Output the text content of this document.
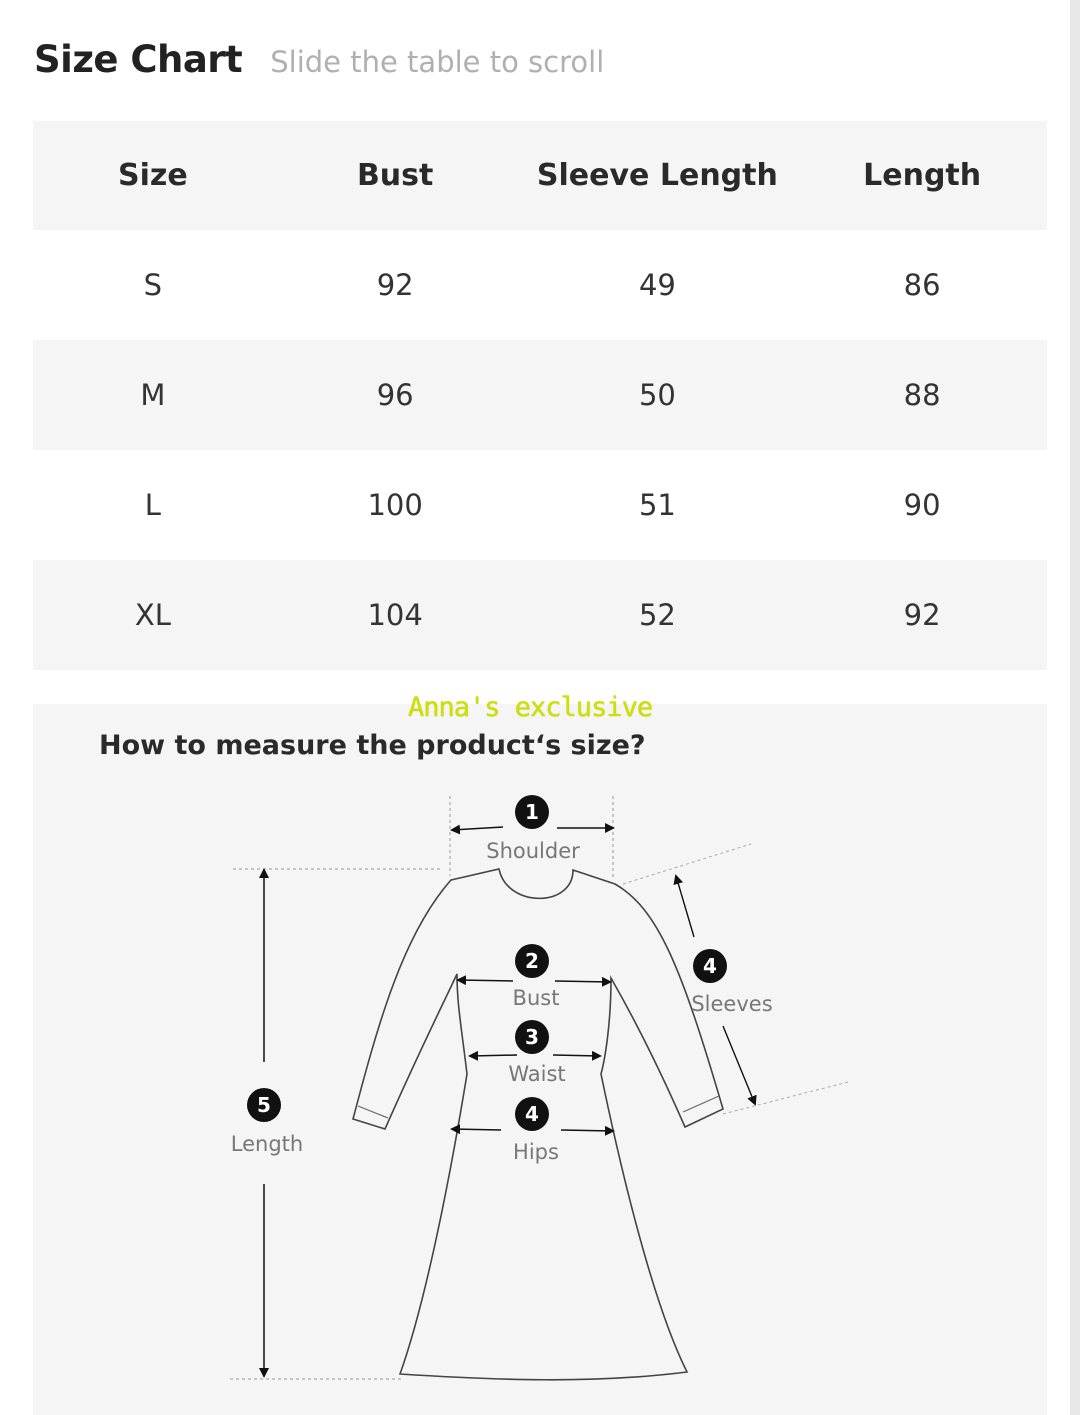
Size Chart Slide the table to scroll
Size	Bust	Sleeve Length	Length
S	92	49	86
M	96	50	88
L	100	51	90
XL	104	52	92
1
Shoulder
2
Bust
3
Waist
4
Hips
4
Sleeves
5
Length
Anna's exclusive
How to measure the product‘s size?
